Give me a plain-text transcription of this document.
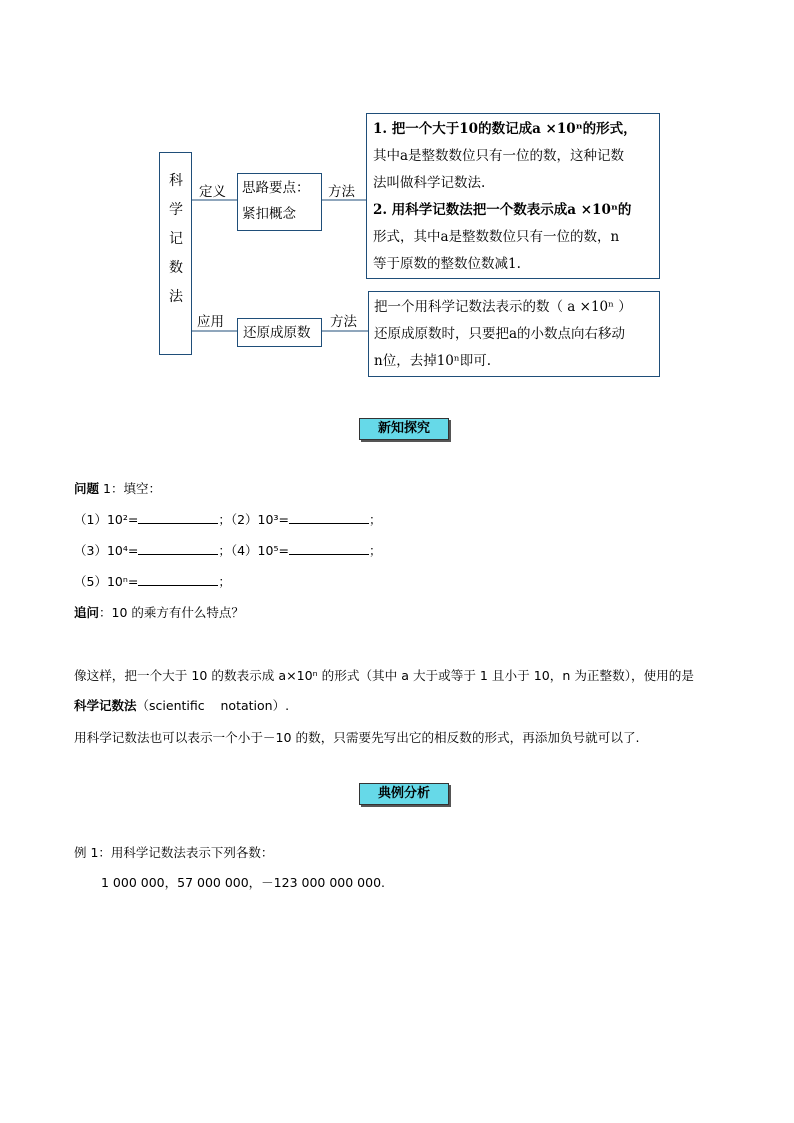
科
学
记
数
法
定义
应用
思路要点：
紧扣概念
还原成原数
方法
方法
1. 把一个大于10的数记成a ×10ⁿ的形式，
其中a是整数数位只有一位的数，这种记数
法叫做科学记数法.
2. 用科学记数法把一个数表示成a ×10ⁿ的
形式，其中a是整数数位只有一位的数，n
等于原数的整数位数减1.
把一个用科学记数法表示的数（ a ×10ⁿ ）
还原成原数时，只要把a的小数点向右移动
n位，去掉10ⁿ即可.
新知探究
问题 1：填空：
（1）10²=	；（2）10³=	；
（3）10⁴=	；（4）10⁵=	；
（5）10ⁿ=	；
追问：10 的乘方有什么特点？
像这样，把一个大于 10 的数表示成 a×10ⁿ 的形式（其中 a 大于或等于 1 且小于 10，n 为正整数），使用的是
科学记数法（scientific    notation）.
用科学记数法也可以表示一个小于－10 的数，只需要先写出它的相反数的形式，再添加负号就可以了.
典例分析
例 1：用科学记数法表示下列各数：
1 000 000，57 000 000，－123 000 000 000.
